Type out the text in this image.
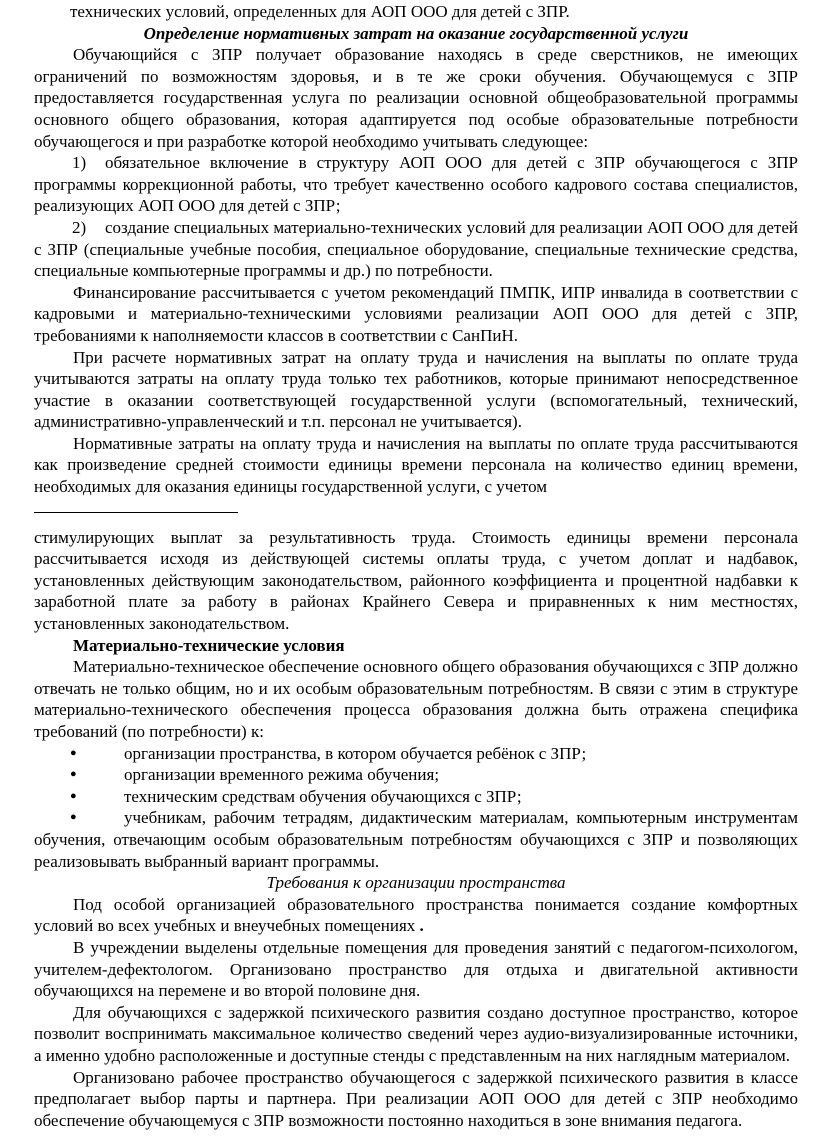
технических условий, определенных для АОП ООО для детей с ЗПР.

Определение нормативных затрат на оказание государственной услуги

Обучающийся с ЗПР получает образование находясь в среде сверстников, не имеющих ограничений по возможностям здоровья, и в те же сроки обучения. Обучающемуся с ЗПР предоставляется государственная услуга по реализации основной общеобразовательной программы основного общего образования, которая адаптируется под особые образовательные потребности обучающегося и при разработке которой необходимо учитывать следующее:

1) обязательное включение в структуру АОП ООО для детей с ЗПР обучающегося с ЗПР программы коррекционной работы, что требует качественно особого кадрового состава специалистов, реализующих АОП ООО для детей с ЗПР;

2) создание специальных материально-технических условий для реализации АОП ООО для детей с ЗПР (специальные учебные пособия, специальное оборудование, специальные технические средства, специальные компьютерные программы и др.) по потребности.

Финансирование рассчитывается с учетом рекомендаций ПМПК, ИПР инвалида в соответствии с кадровыми и материально-техническими условиями реализации АОП ООО для детей с ЗПР, требованиями к наполняемости классов в соответствии с СанПиН.

При расчете нормативных затрат на оплату труда и начисления на выплаты по оплате труда учитываются затраты на оплату труда только тех работников, которые принимают непосредственное участие в оказании соответствующей государственной услуги (вспомогательный, технический, административно-управленческий и т.п. персонал не учитывается).

Нормативные затраты на оплату труда и начисления на выплаты по оплате труда рассчитываются как произведение средней стоимости единицы времени персонала на количество единиц времени, необходимых для оказания единицы государственной услуги, с учетом

стимулирующих выплат за результативность труда. Стоимость единицы времени персонала рассчитывается исходя из действующей системы оплаты труда, с учетом доплат и надбавок, установленных действующим законодательством, районного коэффициента и процентной надбавки к заработной плате за работу в районах Крайнего Севера и приравненных к ним местностях, установленных законодательством.

Материально-технические условия

Материально-техническое обеспечение основного общего образования обучающихся с ЗПР должно отвечать не только общим, но и их особым образовательным потребностям. В связи с этим в структуре материально-технического обеспечения процесса образования должна быть отражена специфика требований (по потребности) к:

●	организации пространства, в котором обучается ребёнок с ЗПР;
●	организации временного режима обучения;
●	техническим средствам обучения обучающихся с ЗПР;
●	учебникам, рабочим тетрадям, дидактическим материалам, компьютерным инструментам обучения, отвечающим особым образовательным потребностям обучающихся с ЗПР и позволяющих реализовывать выбранный вариант программы.

Требования к организации пространства

Под особой организацией образовательного пространства понимается создание комфортных условий во всех учебных и внеучебных помещениях .

В учреждении выделены отдельные помещения для проведения занятий с педагогом-психологом, учителем-дефектологом. Организовано пространство для отдыха и двигательной активности обучающихся на перемене и во второй половине дня.

Для обучающихся с задержкой психического развития создано доступное пространство, которое позволит воспринимать максимальное количество сведений через аудио-визуализированные источники, а именно удобно расположенные и доступные стенды с представленным на них наглядным материалом.

Организовано рабочее пространство обучающегося с задержкой психического развития в классе предполагает выбор парты и партнера. При реализации АОП ООО для детей с ЗПР необходимо обеспечение обучающемуся с ЗПР возможности постоянно находиться в зоне внимания педагога.
